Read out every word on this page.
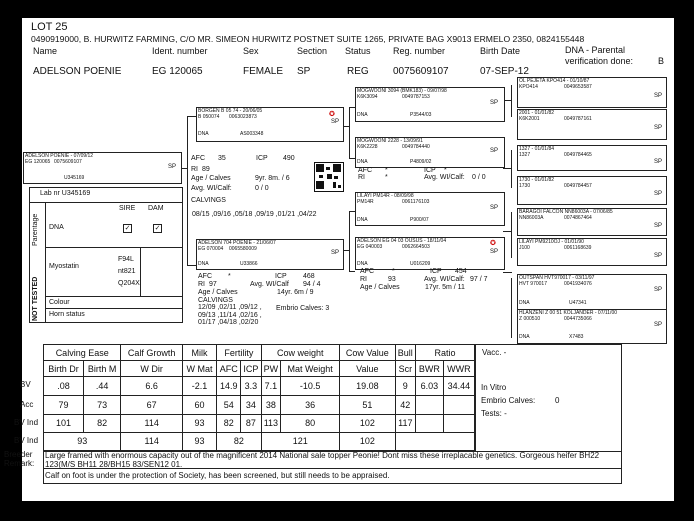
LOT 25
0490919000, B. HURWITZ FARMING, C/O MR. SIMEON HURWITZ POSTNET SUITE 1265, PRIVATE BAG X9013 ERMELO 2350, 0824155448
Name	Ident. number	Sex	Section Status Reg. number	Birth Date	DNA - Parental
verification done:	B
ADELSON POENIE	EG 120065	FEMALE SP	REG 0075609107	07-SEP-12
ADELSON POENIE - 07/09/12
EG 120065 0075609107
SP
U345169
BORGEN B 05 74 - 20/06/05
B 050074 0063023873	✪
SP
DNA	AS003348
AFC 35	ICP 490
RI 89
Age / Calves	9yr. 8m. / 6
Avg. WI/Calf:	0 / 0
CALVINGS
08/15 ,09/16 ,05/18 ,09/19 ,01/21 ,04/22
ADELSON 704 POENIE - 21/06/07
EG 070004 0065580009
SP
DNA	U33866
AFC *	ICP 468
RI 97	Avg. WI/Calf 94 / 4
Age / Calves	14yr. 6m / 9
CALVINGS
12/09 ,02/11 ,09/12 , 09/13 ,11/14 ,02/16 , 01/17 ,04/18 ,02/20
Embrio Calves: 3
MOGWOONI 3094 (BMK183) - 09/07/98
K6K3094	0049787153
SP
DNA	P3544/03
MOGWOONI 2228 - 13/09/91
K6K2228	0049784440
SP
DNA	P4809/02
AFC *	ICP *
RI	*	Avg. WI/Calf: 0 / 0
LILAYI PM14R - 08/09/98
PM14R	0061176103
SP
DNA	P900/07
ADELSON EG 04 03 OUSUS - 18/11/04
EG 040003	0062664503	✪
SP
DNA	U016209
AFC	*	ICP 454
RI	93	Avg. WI/Calf: 97 / 7
Age / Calves	17yr. 5m / 11
OL PEJETA KPO414 - 01/10/87
KPO414	0049653587
SP
2001 - 01/01/82
K6K2001	0049787161
SP
1327 - 01/01/84
1327	0049784465
SP
1730 - 01/01/82
1730	0049784457
SP
BARAGOI FALCON NN86003A - 07/06/85
NN86003A	0074867464
SP
LILAYI PM9210OJ - 01/01/90
J100	0061168639
SP
OUTSPAN HVT970017 - 03/11/97
HVT 970017	0041934076
SP
DNA	U47341
HLANZENI Z 00 51 KOLJANDER - 07/11/00
Z 000510	0044735066
SP
DNA	X7483
Lab nr U345169
Parentage
NOT TESTED
SIRE DAM
DNA	✓	✓
Myostatin
F94L
nt821
Q204X
Colour
Horn status
Calving Ease		Calf Growth	Milk	Fertility		Cow weight		Cow Value	Bull	Ratio	
Birth Dr	Birth M	W Dir	W Mat	AFC	ICP	PW	Mat Weight	Value	Scr	BWR	WWR
.08	.44	6.6	-2.1	14.9	3.3	7.1	-10.5	19.08	9	6.03	34.44
79	73	67	60	54	34	38	36	51	42		
101	82	114	93	82	87	113	80	102	117		
93		114	93	82		121		102			
BV
Acc
BV Ind
BV Ind
Vacc. -
In Vitro
Embrio Calves: 0
Tests: -
Breeder Remark:
Large framed with enormous capacity out of the magnificent 2014 National sale topper Peonie! Dont miss these irreplacable genetics. Gorgeous heifer BH22 123(M/S BH11 28/BH15 83/SEN12 01.
Calf on foot is under the protection of Society, has been screened, but still needs to be appraised.
